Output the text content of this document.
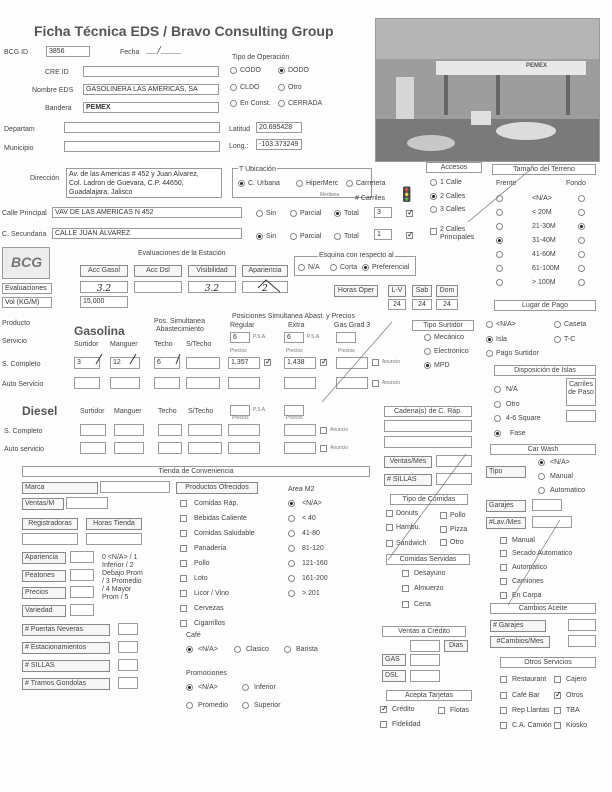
Ficha Técnica EDS / Bravo Consulting Group
BCG ID	3856	Fecha ___/_____
CRE ID
Nombre EDS	GASOLINERA LAS AMERICAS, SA
Bandera	PEMEX
Departam
Municipio
Tipo de Operación
CODO	DODO
CLDO	Otro
En Const. CERRADA
Latitud	20.695428
Long.:	-103.373249
PEMEX
Dirección
Av. de las Americas # 452 y Juan Alvarez,
Col. Ladron de Guevara, C.P. 44650,
Guadalajara, Jalisco
T Ubicación
C. Urbana	HiperMerc	Carretera
Mediana # Carriles 🚦
Calle Principal	VAV DE LAS AMERICAS N 452	Sin	Parcial	Total	3
✓
C. Secundaria	CALLE JUAN ÁLVAREZ	Sin	Parcial	Total	1
✓
Accesos
1 Calle
2 Calles
3 Calles
2 Calles
Principales
Tamaño del Terreno
Frente	Fondo
<N/A>
< 20M
21-30M
31-40M
41-60M
61-100M
> 100M
BCG
Evaluaciones de la Estación
Acc Gasol	Acc Dsl	Visibilidad	Apariencia
Evaluaciones	3.2	3.2	2
Vol (KG/M)	15,000
Esquina con respecto al
N/A	Corta Preferencial
Horas Oper	L-V	Sab	Dom
24	24	24	Lugar de Pago
<N/A>	Caseta
Isla	T-C
Pago Surtidor
Producto
Servicio
Gasolina
Surtidor Manguer Techo S/Techo
Pos. Simultanea
Abastecimiento
Posiciones Simultanea Abast. y Precios
Regular	Extra	Gas Grad 3
6	P.S.A.	6	P.S.A.
S. Completo	3	12	6
Precios
1,357
✓
Precios
1,438
✓
Precios
Anuncio
Auto Servicio	Anuncio
Tipo Surtidor
Mecánico
Electronico
MPD
Disposición de Islas
N/A
Otro
4-6 Square
Fase
Carriles de Paso
Diesel	Surtidor Manguer Techo S/Techo	P.S.A.
Precios	Precios
S. Completo	Anuncio
Auto servicio	Anuncio
Cadena(s) de C. Ráp.
Ventas/Mes
# SILLAS
Tipo de Comidas
Donuts	Pollo
Hambu.	Pizza
Sandwich	Otro
Comidas Servidas
Desayuno
Almuerzo
Cena
Car Wash
Tipo
<N/A>
Manual
Automatico
Garajes
#Lav./Mes
Manual
Secado Automatico
Automatico
Camiones
En Carpa
Cambios Aceite
# Garajes
#Cambios/Mes
Tienda de Conveniencia
Marca
Ventas/M
Registradoras	Horas Tienda
Apariencia
Peatones
Precios
Variedad
0 <N/A> / 1
Inferior / 2
Debajo Prom
/ 3 Promedio
/ 4 Mayor
Prom / 5
# Puertas Neveras
# Estacionamientos
# SILLAS
# Tramos Gondolas
Productos Ofrecidos
Comidas Ráp.
Bebidas Caliente
Comidas Saludable
Panadería
Pollo
Loto
Licor / Vino
Cervezas
Cigarrillos
Area M2
<N/A>
< 40
41-80
81-120
121-160
161-200
> 201
Café
<N/A>	Clasico	Barista
Promociones
<N/A>	Inferior
Promedio	Superior
Ventas a Crédito
Dias
GAS
DSL
Acepta Tarjetas
✓
Crédito	Flotas
Fidelidad
Otros Servicios
Restaurant	Cajero
Café Bar
✓	Otros
Rep Llantas TBA
C.A. Camión Kiosko
